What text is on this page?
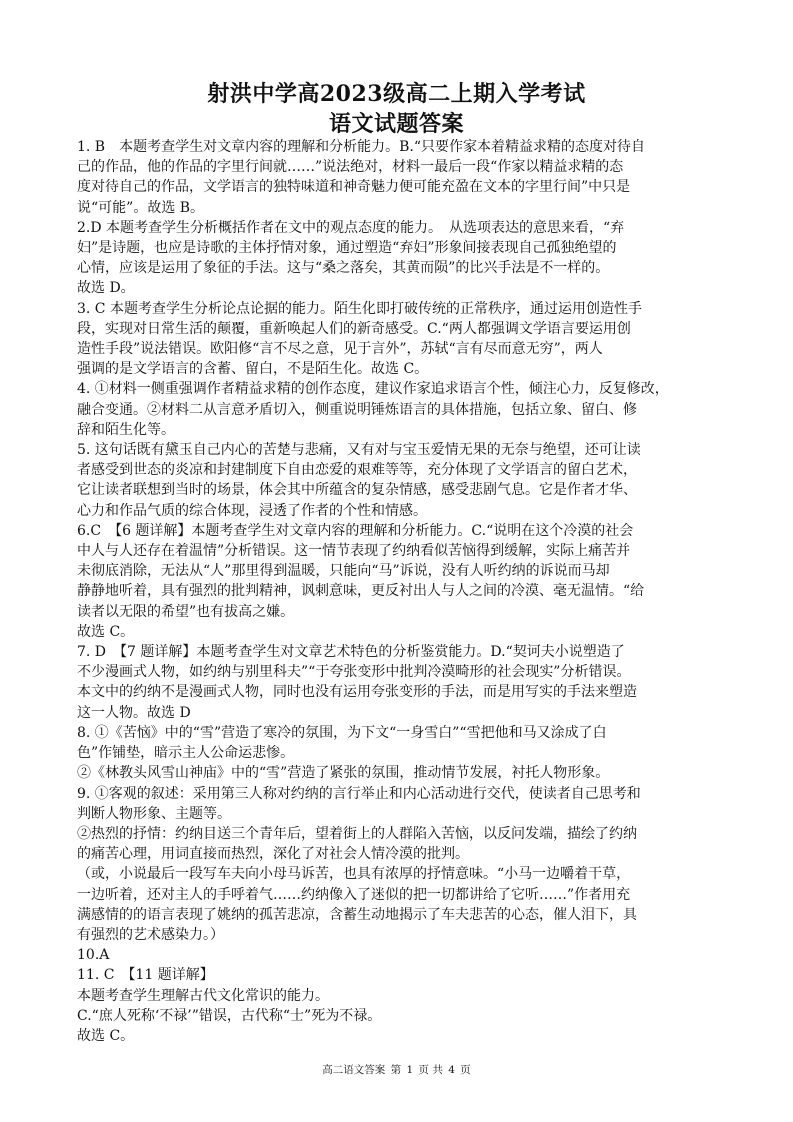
射洪中学高2023级高二上期入学考试
语文试题答案

1. B　本题考查学生对文章内容的理解和分析能力。B.“只要作家本着精益求精的态度对待自

己的作品，他的作品的字里行间就……”说法绝对，材料一最后一段“作家以精益求精的态

度对待自己的作品，文学语言的独特味道和神奇魅力便可能充盈在文本的字里行间”中只是

说“可能”。故选 B。

2.D 本题考查学生分析概括作者在文中的观点态度的能力。　从选项表达的意思来看，“弃

妇”是诗题，也应是诗歌的主体抒情对象，通过塑造“弃妇”形象间接表现自己孤独绝望的

心情，应该是运用了象征的手法。这与“桑之落矣，其黄而陨”的比兴手法是不一样的。

故选 D。

3. C 本题考查学生分析论点论据的能力。陌生化即打破传统的正常秩序，通过运用创造性手

段，实现对日常生活的颠覆，重新唤起人们的新奇感受。C.“两人都强调文学语言要运用创

造性手段”说法错误。欧阳修“言不尽之意，见于言外”，苏轼“言有尽而意无穷”，两人

强调的是文学语言的含蓄、留白，不是陌生化。故选 C。

4. ①材料一侧重强调作者精益求精的创作态度，建议作家追求语言个性，倾注心力，反复修改，

融合变通。②材料二从言意矛盾切入，侧重说明锤炼语言的具体措施，包括立象、留白、修

辞和陌生化等。

5. 这句话既有黛玉自己内心的苦楚与悲痛，又有对与宝玉爱情无果的无奈与绝望，还可让读

者感受到世态的炎凉和封建制度下自由恋爱的艰难等等，充分体现了文学语言的留白艺术，

它让读者联想到当时的场景，体会其中所蕴含的复杂情感，感受悲剧气息。它是作者才华、

心力和作品气质的综合体现，浸透了作者的个性和情感。

6.C　【6 题详解】本题考查学生对文章内容的理解和分析能力。C.“说明在这个冷漠的社会

中人与人还存在着温情”分析错误。这一情节表现了约纳看似苦恼得到缓解，实际上痛苦并

未彻底消除，无法从“人”那里得到温暖，只能向“马”诉说，没有人听约纳的诉说而马却

静静地听着，具有强烈的批判精神，讽刺意味，更反衬出人与人之间的冷漠、毫无温情。“给

读者以无限的希望”也有拔高之嫌。

故选 C。

7. D　【7 题详解】本题考查学生对文章艺术特色的分析鉴赏能力。D.“契诃夫小说塑造了

不少漫画式人物，如约纳与别里科夫”“于夸张变形中批判冷漠畸形的社会现实”分析错误。

本文中的约纳不是漫画式人物，同时也没有运用夸张变形的手法，而是用写实的手法来塑造

这一人物。故选 D

8. ①《苦恼》中的“雪”营造了寒冷的氛围，为下文“一身雪白”“雪把他和马又涂成了白

色”作铺垫，暗示主人公命运悲惨。

②《林教头风雪山神庙》中的“雪”营造了紧张的氛围，推动情节发展，衬托人物形象。

9. ①客观的叙述：采用第三人称对约纳的言行举止和内心活动进行交代，使读者自己思考和

判断人物形象、主题等。

②热烈的抒情：约纳目送三个青年后，望着街上的人群陷入苦恼，以反问发端，描绘了约纳

的痛苦心理，用词直接而热烈，深化了对社会人情冷漠的批判。

（或，小说最后一段写车夫向小母马诉苦，也具有浓厚的抒情意味。“小马一边嚼着干草，

一边听着，还对主人的手呼着气……约纳像入了迷似的把一切都讲给了它听……”作者用充

满感情的的语言表现了姚纳的孤苦悲凉，含蓄生动地揭示了车夫悲苦的心态，催人泪下，具

有强烈的艺术感染力。）

10.A

11. C　【11 题详解】

本题考查学生理解古代文化常识的能力。

C.“庶人死称‘不禄’”错误，古代称“士”死为不禄。

故选 C。

高二语文答案 第 1 页 共 4 页
